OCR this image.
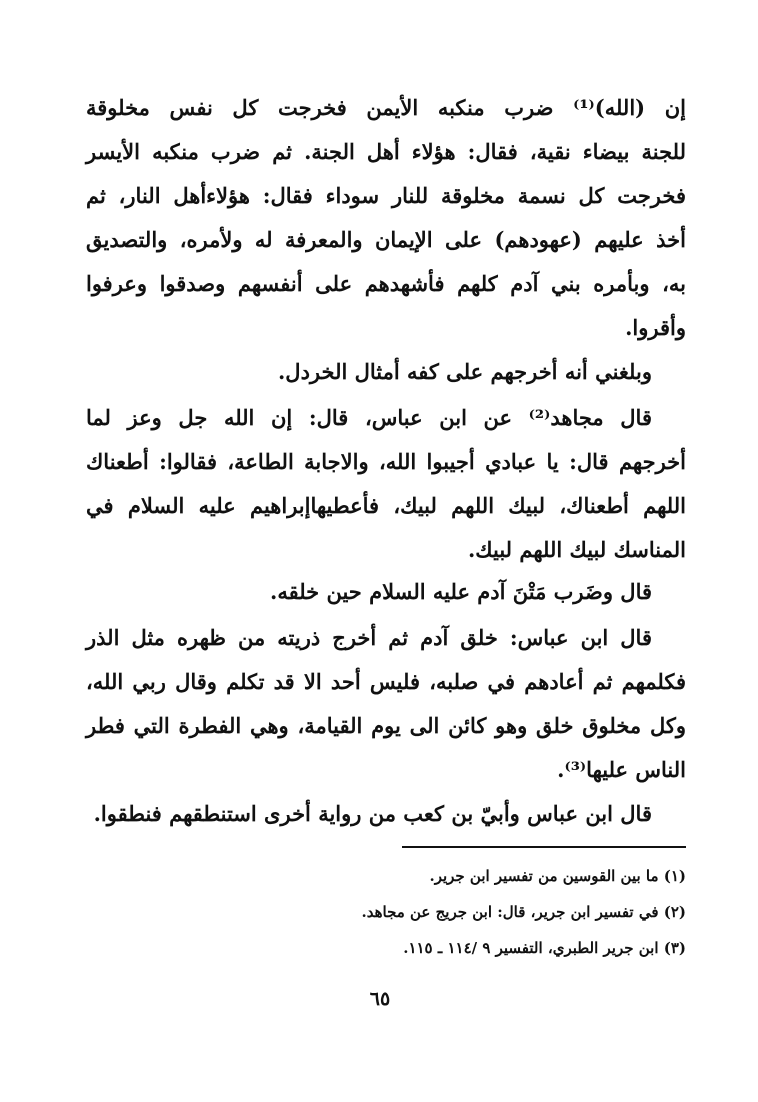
إن (الله)⁽¹⁾ ضرب منكبه الأيمن فخرجت كل نفس مخلوقة
للجنة بيضاء نقية، فقال: هؤلاء أهل الجنة. ثم ضرب منكبه الأيسر
فخرجت كل نسمة مخلوقة للنار سوداء فقال: هؤلاءأهل النار، ثم
أخذ عليهم (عهودهم) على الإيمان والمعرفة له ولأمره، والتصديق
به، وبأمره بني آدم كلهم فأشهدهم على أنفسهم وصدقوا وعرفوا
وأقروا.
وبلغني أنه أخرجهم على كفه أمثال الخردل.
قال مجاهد⁽²⁾ عن ابن عباس، قال: إن الله جل وعز لما
أخرجهم قال: يا عبادي أجيبوا الله، والاجابة الطاعة، فقالوا: أطعناك
اللهم أطعناك، لبيك اللهم لبيك، فأعطيهاإبراهيم عليه السلام في
المناسك لبيك اللهم لبيك.
قال وضَرب مَتْنَ آدم عليه السلام حين خلقه.
قال ابن عباس: خلق آدم ثم أخرج ذريته من ظهره مثل الذر
فكلمهم ثم أعادهم في صلبه، فليس أحد الا قد تكلم وقال ربي الله،
وكل مخلوق خلق وهو كائن الى يوم القيامة، وهي الفطرة التي فطر
الناس عليها⁽³⁾.
قال ابن عباس وأبيّ بن كعب من رواية أخرى استنطقهم فنطقوا.
(١) ما بين القوسين من تفسير ابن جرير.
(٢) في تفسير ابن جرير، قال: ابن جريج عن مجاهد.
(٣) ابن جرير الطبري، التفسير ٩ /١١٤ ـ ١١٥.
٦٥
